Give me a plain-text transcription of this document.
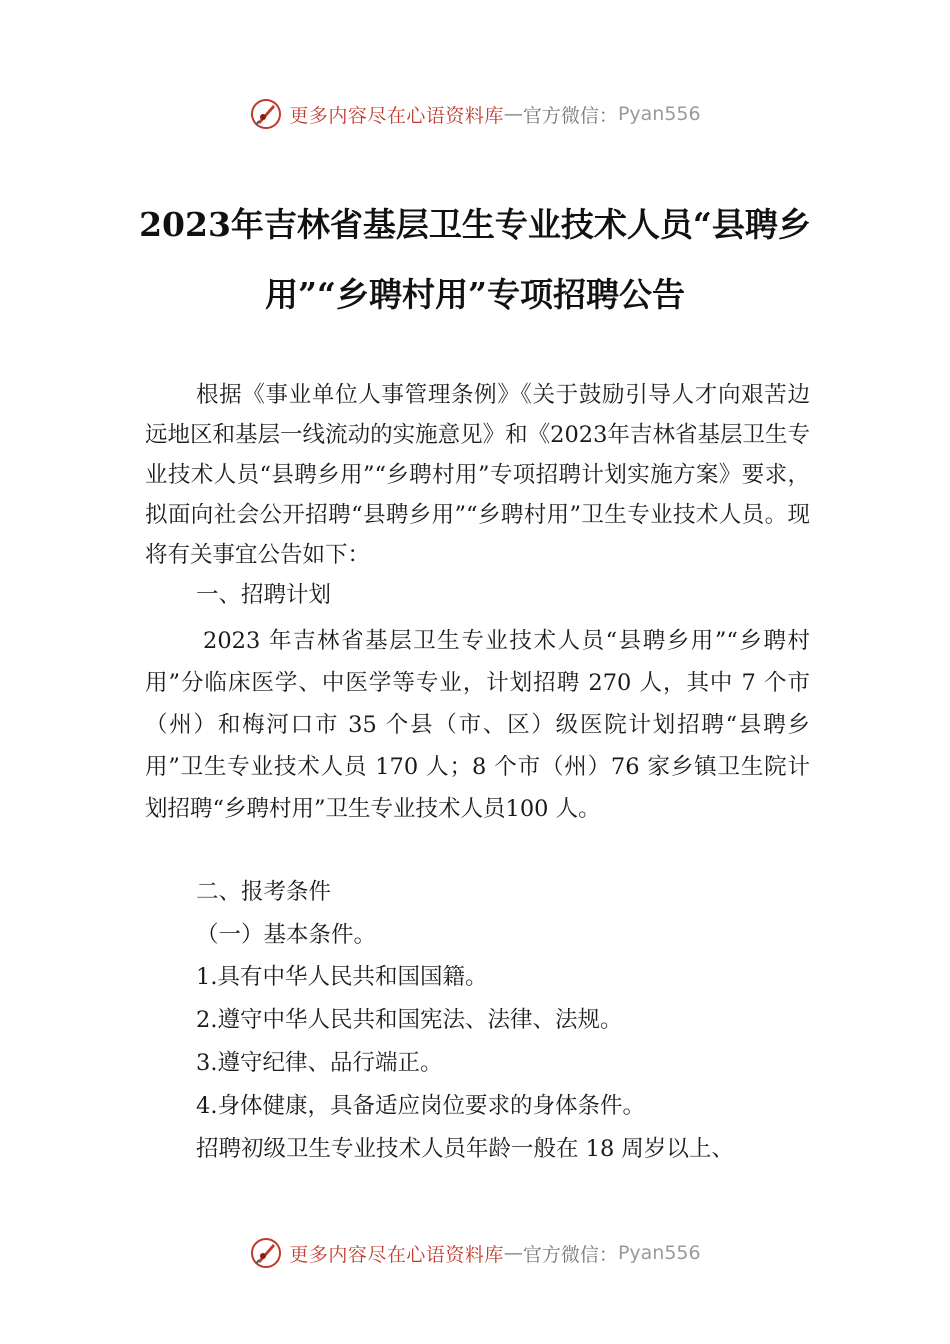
更多内容尽在心语资料库 — 官方微信： Pyan556
2023年吉林省基层卫生专业技术人员“县聘乡用”“乡聘村用”专项招聘公告
根据《事业单位人事管理条例》《关于鼓励引导人才向艰苦边远地区和基层一线流动的实施意见》和《2023年吉林省基层卫生专业技术人员“县聘乡用”“乡聘村用”专项招聘计划实施方案》要求，拟面向社会公开招聘“县聘乡用”“乡聘村用”卫生专业技术人员。现将有关事宜公告如下：
一、招聘计划
2023 年吉林省基层卫生专业技术人员“县聘乡用”“乡聘村用”分临床医学、中医学等专业，计划招聘 270 人，其中 7 个市（州）和梅河口市 35 个县（市、区）级医院计划招聘“县聘乡用”卫生专业技术人员 170 人；8 个市（州）76 家乡镇卫生院计划招聘“乡聘村用”卫生专业技术人员100 人。
二、报考条件
（一）基本条件。
1.具有中华人民共和国国籍。
2.遵守中华人民共和国宪法、法律、法规。
3.遵守纪律、品行端正。
4.身体健康，具备适应岗位要求的身体条件。
招聘初级卫生专业技术人员年龄一般在 18 周岁以上、
更多内容尽在心语资料库 — 官方微信： Pyan556
